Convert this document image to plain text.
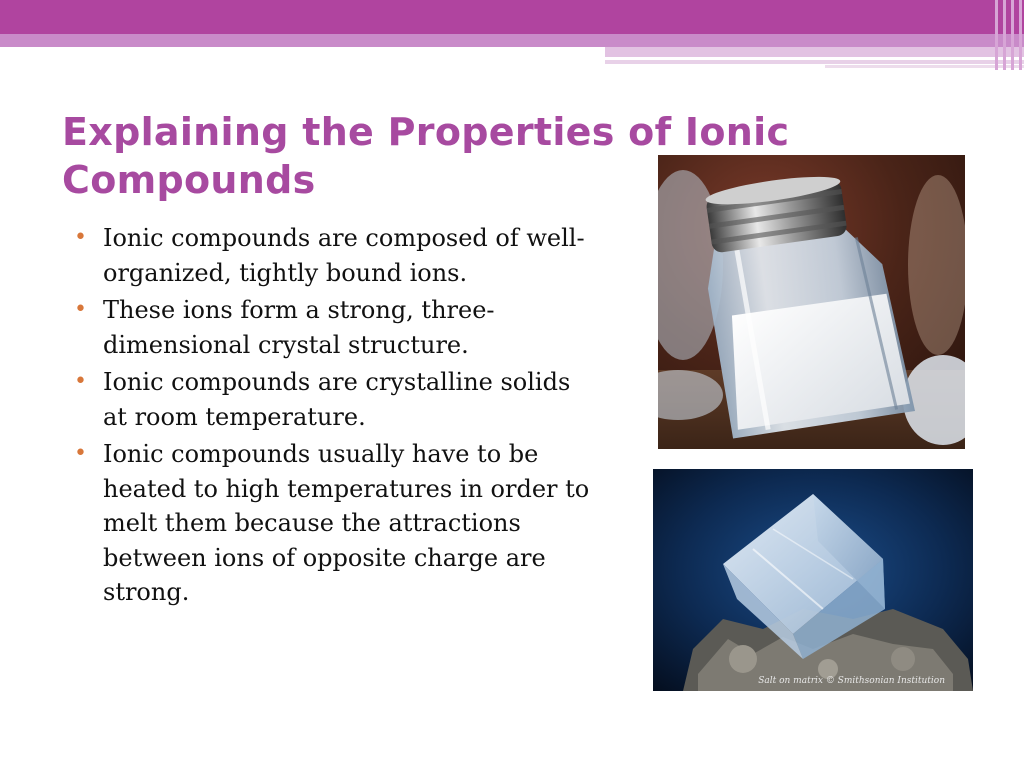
Explaining the Properties of Ionic Compounds
• Ionic compounds are composed of well-organized, tightly bound ions.
• These ions form a strong, three-dimensional crystal structure.
• Ionic compounds are crystalline solids at room temperature.
• Ionic compounds usually have to be heated to high temperatures in order to melt them because the attractions between ions of opposite charge are strong.
Salt on matrix © Smithsonian Institution
